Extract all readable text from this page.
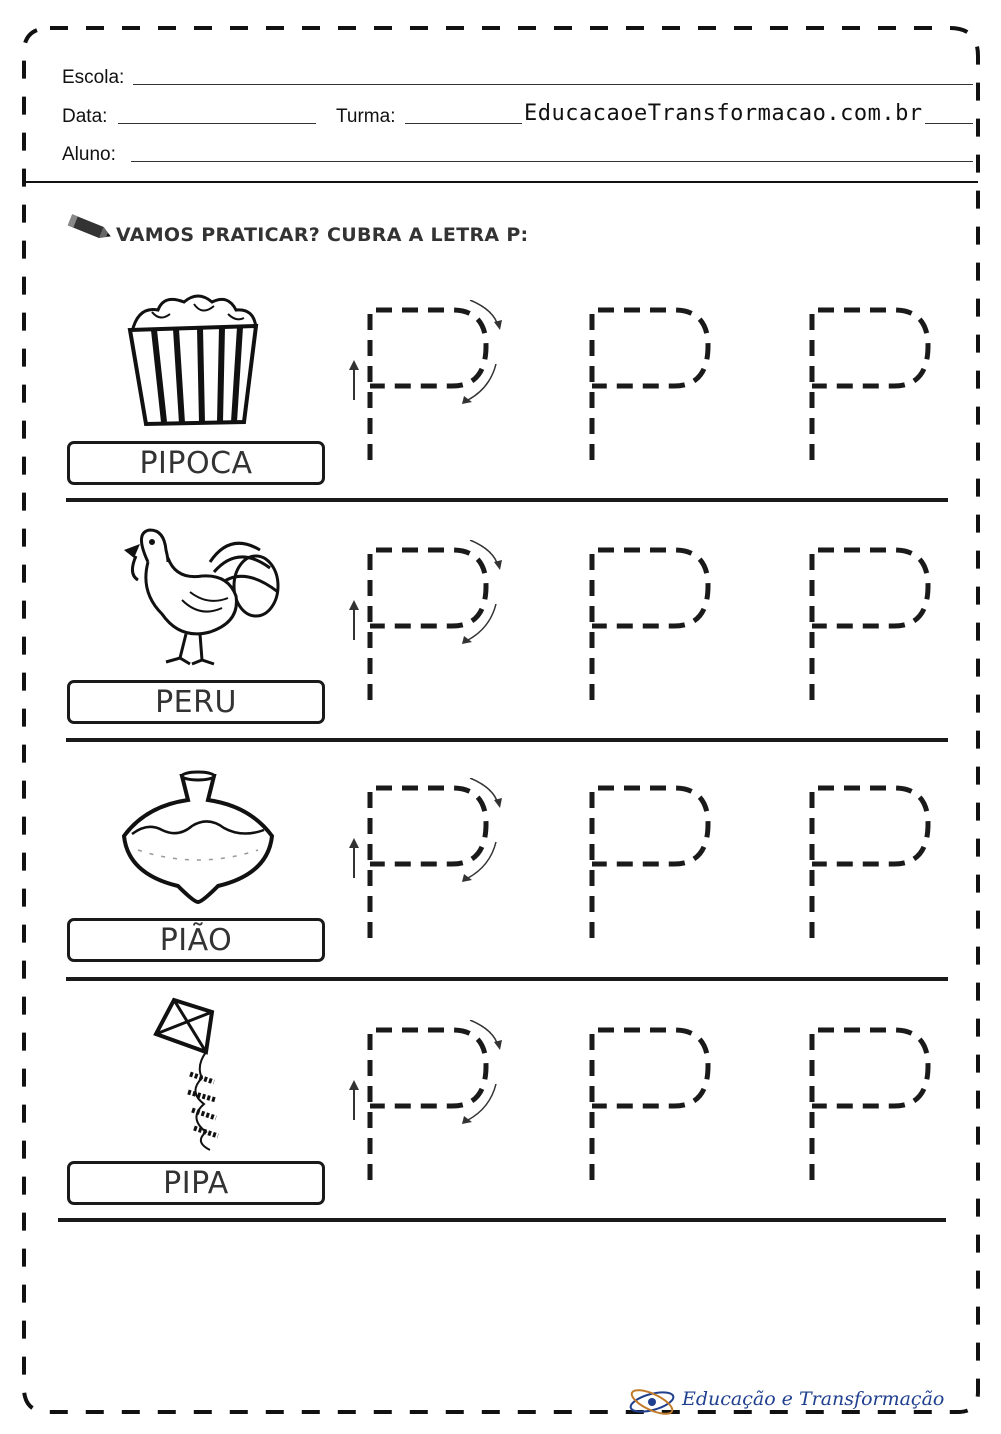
Escola:
Data:	Turma:	EducacaoeTransformacao.com.br
Aluno:
VAMOS PRATICAR? CUBRA A LETRA P:
PIPOCA
PERU
PIÃO
PIPA
Educação e Transformação
